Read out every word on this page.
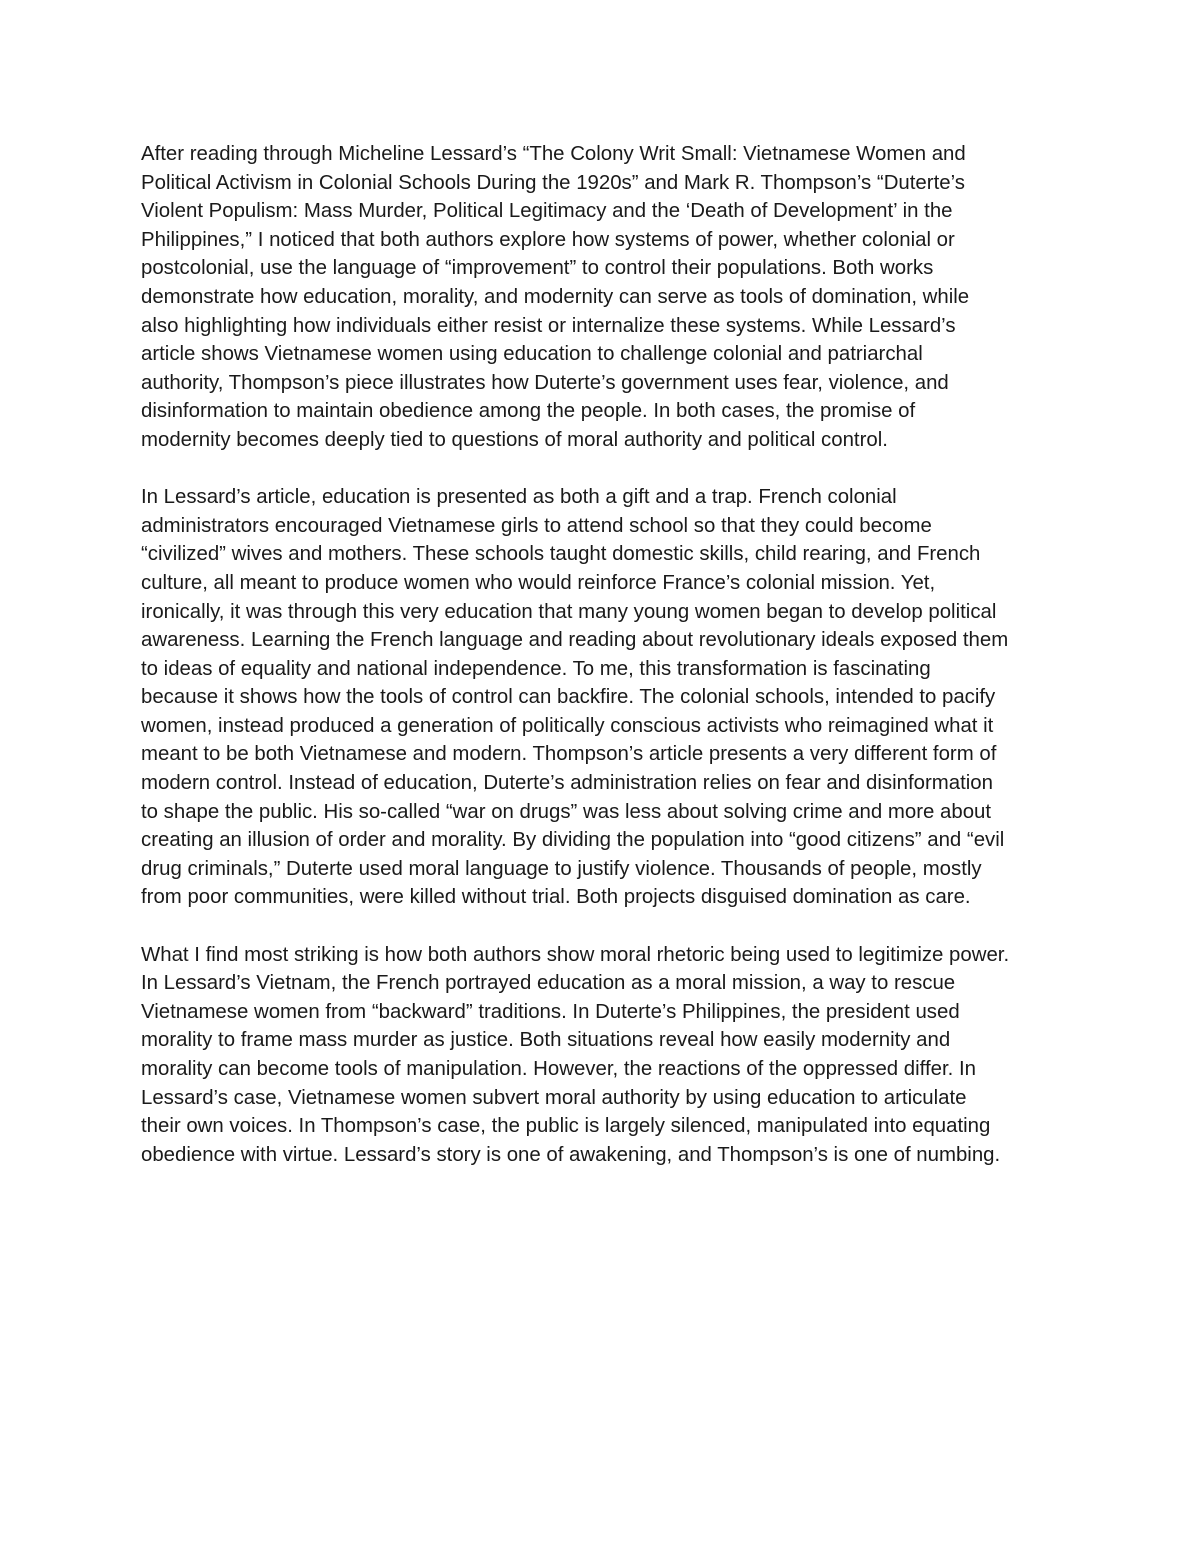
After reading through Micheline Lessard’s “The Colony Writ Small: Vietnamese Women and
Political Activism in Colonial Schools During the 1920s” and Mark R. Thompson’s “Duterte’s
Violent Populism: Mass Murder, Political Legitimacy and the ‘Death of Development’ in the
Philippines,” I noticed that both authors explore how systems of power, whether colonial or
postcolonial, use the language of “improvement” to control their populations. Both works
demonstrate how education, morality, and modernity can serve as tools of domination, while
also highlighting how individuals either resist or internalize these systems. While Lessard’s
article shows Vietnamese women using education to challenge colonial and patriarchal
authority, Thompson’s piece illustrates how Duterte’s government uses fear, violence, and
disinformation to maintain obedience among the people. In both cases, the promise of
modernity becomes deeply tied to questions of moral authority and political control.

In Lessard’s article, education is presented as both a gift and a trap. French colonial
administrators encouraged Vietnamese girls to attend school so that they could become
“civilized” wives and mothers. These schools taught domestic skills, child rearing, and French
culture, all meant to produce women who would reinforce France’s colonial mission. Yet,
ironically, it was through this very education that many young women began to develop political
awareness. Learning the French language and reading about revolutionary ideals exposed them
to ideas of equality and national independence. To me, this transformation is fascinating
because it shows how the tools of control can backfire. The colonial schools, intended to pacify
women, instead produced a generation of politically conscious activists who reimagined what it
meant to be both Vietnamese and modern. Thompson’s article presents a very different form of
modern control. Instead of education, Duterte’s administration relies on fear and disinformation
to shape the public. His so-called “war on drugs” was less about solving crime and more about
creating an illusion of order and morality. By dividing the population into “good citizens” and “evil
drug criminals,” Duterte used moral language to justify violence. Thousands of people, mostly
from poor communities, were killed without trial. Both projects disguised domination as care.

What I find most striking is how both authors show moral rhetoric being used to legitimize power.
In Lessard’s Vietnam, the French portrayed education as a moral mission, a way to rescue
Vietnamese women from “backward” traditions. In Duterte’s Philippines, the president used
morality to frame mass murder as justice. Both situations reveal how easily modernity and
morality can become tools of manipulation. However, the reactions of the oppressed differ. In
Lessard’s case, Vietnamese women subvert moral authority by using education to articulate
their own voices. In Thompson’s case, the public is largely silenced, manipulated into equating
obedience with virtue. Lessard’s story is one of awakening, and Thompson’s is one of numbing.
